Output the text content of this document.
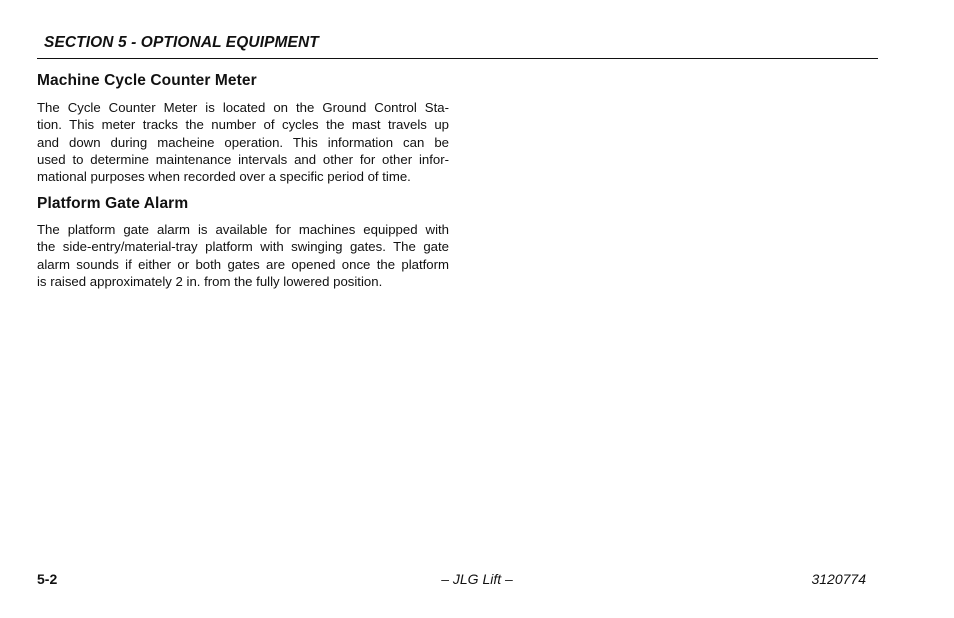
SECTION 5 - OPTIONAL EQUIPMENT
Machine Cycle Counter Meter
The Cycle Counter Meter is located on the Ground Control Sta-
tion. This meter tracks the number of cycles the mast travels up
and down during macheine operation. This information can be
used to determine maintenance intervals and other for other infor-
mational purposes when recorded over a specific period of time.
Platform Gate Alarm
The platform gate alarm is available for machines equipped with
the side-entry/material-tray platform with swinging gates. The gate
alarm sounds if either or both gates are opened once the platform
is raised approximately 2 in. from the fully lowered position.
5-2	– JLG Lift –	3120774
